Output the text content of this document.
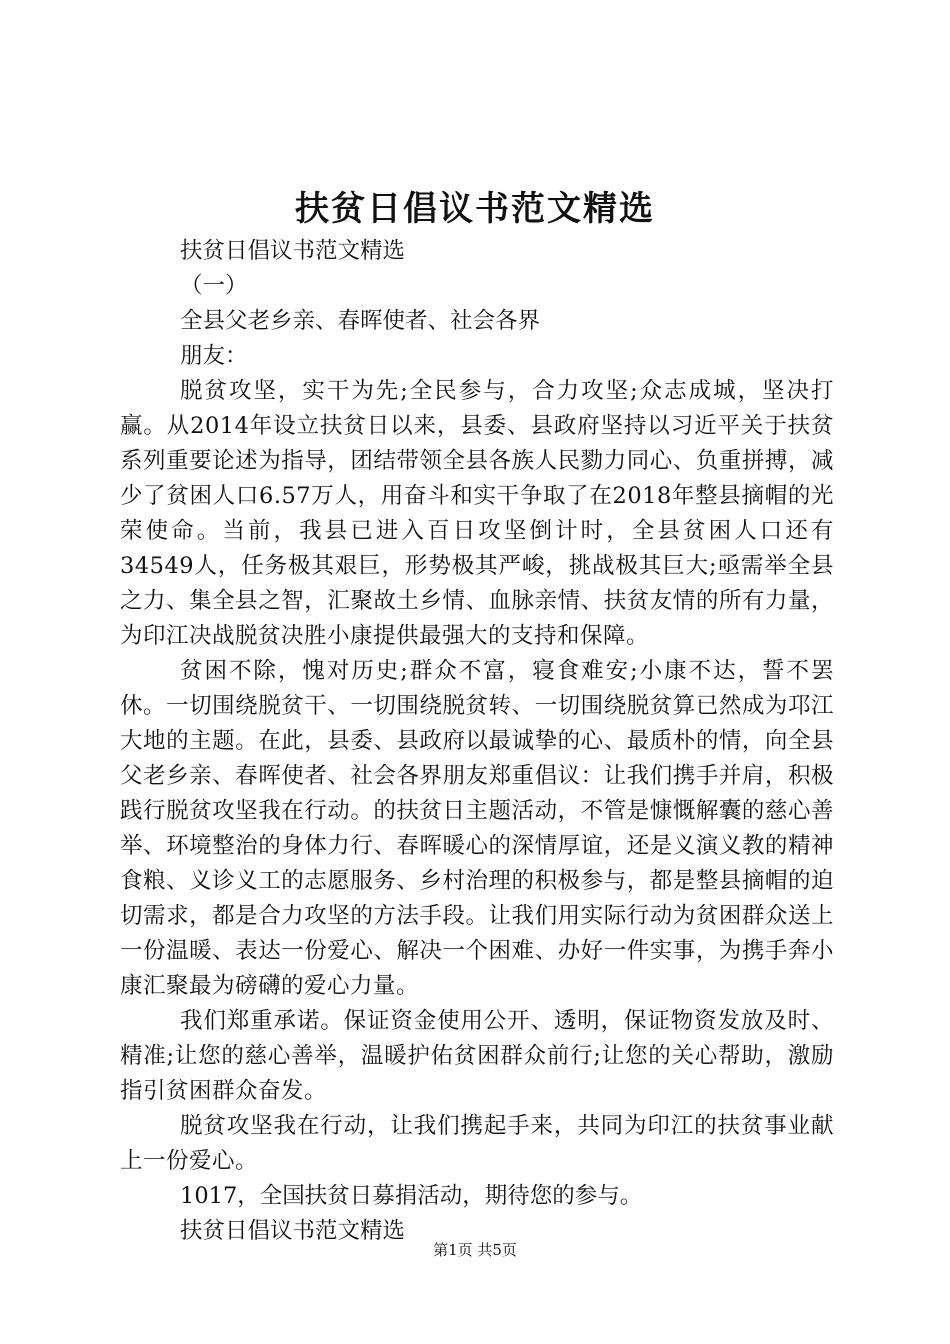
扶贫日倡议书范文精选

扶贫日倡议书范文精选

（一）

全县父老乡亲、春晖使者、社会各界

朋友：

脱贫攻坚，实干为先;全民参与，合力攻坚;众志成城，坚决打赢。从2014年设立扶贫日以来，县委、县政府坚持以习近平关于扶贫系列重要论述为指导，团结带领全县各族人民勠力同心、负重拼搏，减少了贫困人口6.57万人，用奋斗和实干争取了在2018年整县摘帽的光荣使命。当前，我县已进入百日攻坚倒计时，全县贫困人口还有34549人，任务极其艰巨，形势极其严峻，挑战极其巨大;亟需举全县之力、集全县之智，汇聚故土乡情、血脉亲情、扶贫友情的所有力量，为印江决战脱贫决胜小康提供最强大的支持和保障。

贫困不除，愧对历史;群众不富，寝食难安;小康不达，誓不罢休。一切围绕脱贫干、一切围绕脱贫转、一切围绕脱贫算已然成为邛江大地的主题。在此，县委、县政府以最诚挚的心、最质朴的情，向全县父老乡亲、春晖使者、社会各界朋友郑重倡议：让我们携手并肩，积极践行脱贫攻坚我在行动。的扶贫日主题活动，不管是慷慨解囊的慈心善举、环境整治的身体力行、春晖暖心的深情厚谊，还是义演义教的精神食粮、义诊义工的志愿服务、乡村治理的积极参与，都是整县摘帽的迫切需求，都是合力攻坚的方法手段。让我们用实际行动为贫困群众送上一份温暖、表达一份爱心、解决一个困难、办好一件实事，为携手奔小康汇聚最为磅礴的爱心力量。

我们郑重承诺。保证资金使用公开、透明，保证物资发放及时、精准;让您的慈心善举，温暖护佑贫困群众前行;让您的关心帮助，激励指引贫困群众奋发。

脱贫攻坚我在行动，让我们携起手来，共同为印江的扶贫事业献上一份爱心。

1017，全国扶贫日募捐活动，期待您的参与。

扶贫日倡议书范文精选

第1页 共5页
